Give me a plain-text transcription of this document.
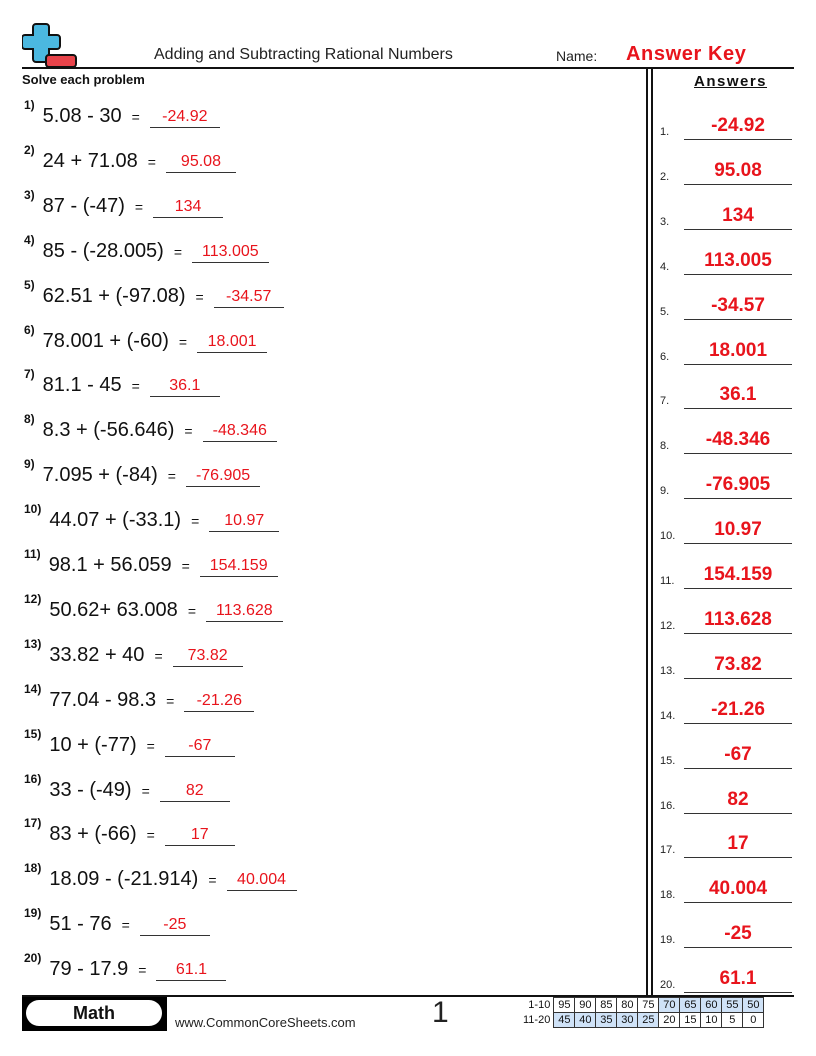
Adding and Subtracting Rational Numbers	Name: Answer Key
Solve each problem	Answers
1) 5.08 - 30 =	-24.92
2) 24 + 71.08 =	95.08
3) 87 - (-47) =	134
4) 85 - (-28.005) =	113.005
5) 62.51 + (-97.08) =	-34.57
6) 78.001 + (-60) =	18.001
7) 81.1 - 45 =	36.1
8) 8.3 + (-56.646) =	-48.346
9) 7.095 + (-84) =	-76.905
10) 44.07 + (-33.1) =	10.97
11) 98.1 + 56.059 =	154.159
12) 50.62+ 63.008 =	113.628
13) 33.82 + 40 =	73.82
14) 77.04 - 98.3 =	-21.26
15) 10 + (-77) =	-67
16) 33 - (-49) =	82
17) 83 + (-66) =	17
18) 18.09 - (-21.914) =	40.004
19) 51 - 76 =	-25
20) 79 - 17.9 =	61.1
1.	-24.92
2.	95.08
3.	134
4.	113.005
5.	-34.57
6.	18.001
7.	36.1
8.	-48.346
9.	-76.905
10.	10.97
11.	154.159
12.	113.628
13.	73.82
14.	-21.26
15.	-67
16.	82
17.	17
18.	40.004
19.	-25
20.	61.1
Math	www.CommonCoreSheets.com	1	1-10	95	90	85	80	75	70	65	60	55	50
11-20	45	40	35	30	25	20	15	10	5	0
